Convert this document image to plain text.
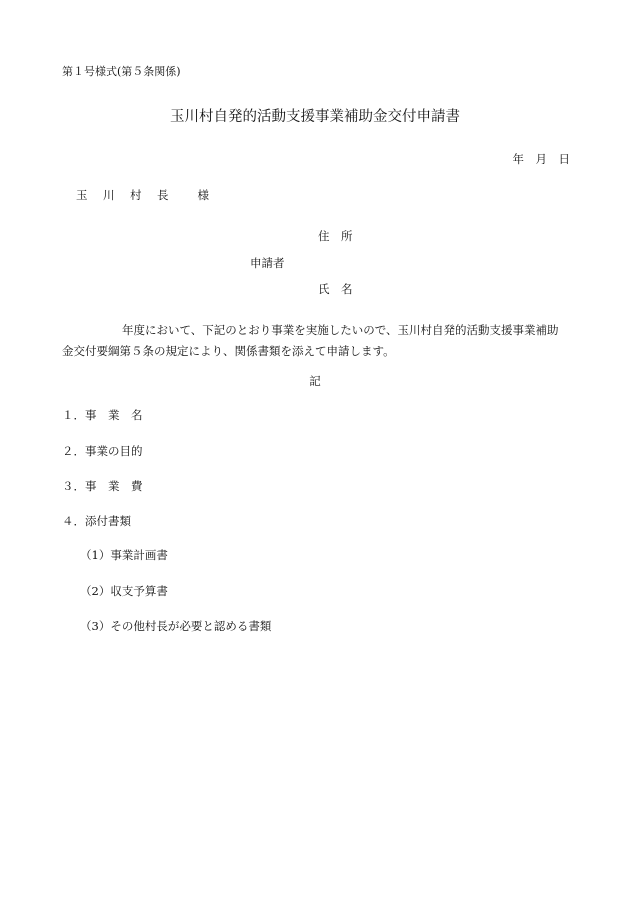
第１号様式(第５条関係)
玉川村自発的活動支援事業補助金交付申請書
年　月　日
玉　川　村　長　　様
住　所
申請者
氏　名
年度において、下記のとおり事業を実施したいので、玉川村自発的活動支援事業補助金交付要綱第５条の規定により、関係書類を添えて申請します。
記
１．事　業　名
２．事業の目的
３．事　業　費
４．添付書類
（1）事業計画書
（2）収支予算書
（3）その他村長が必要と認める書類
